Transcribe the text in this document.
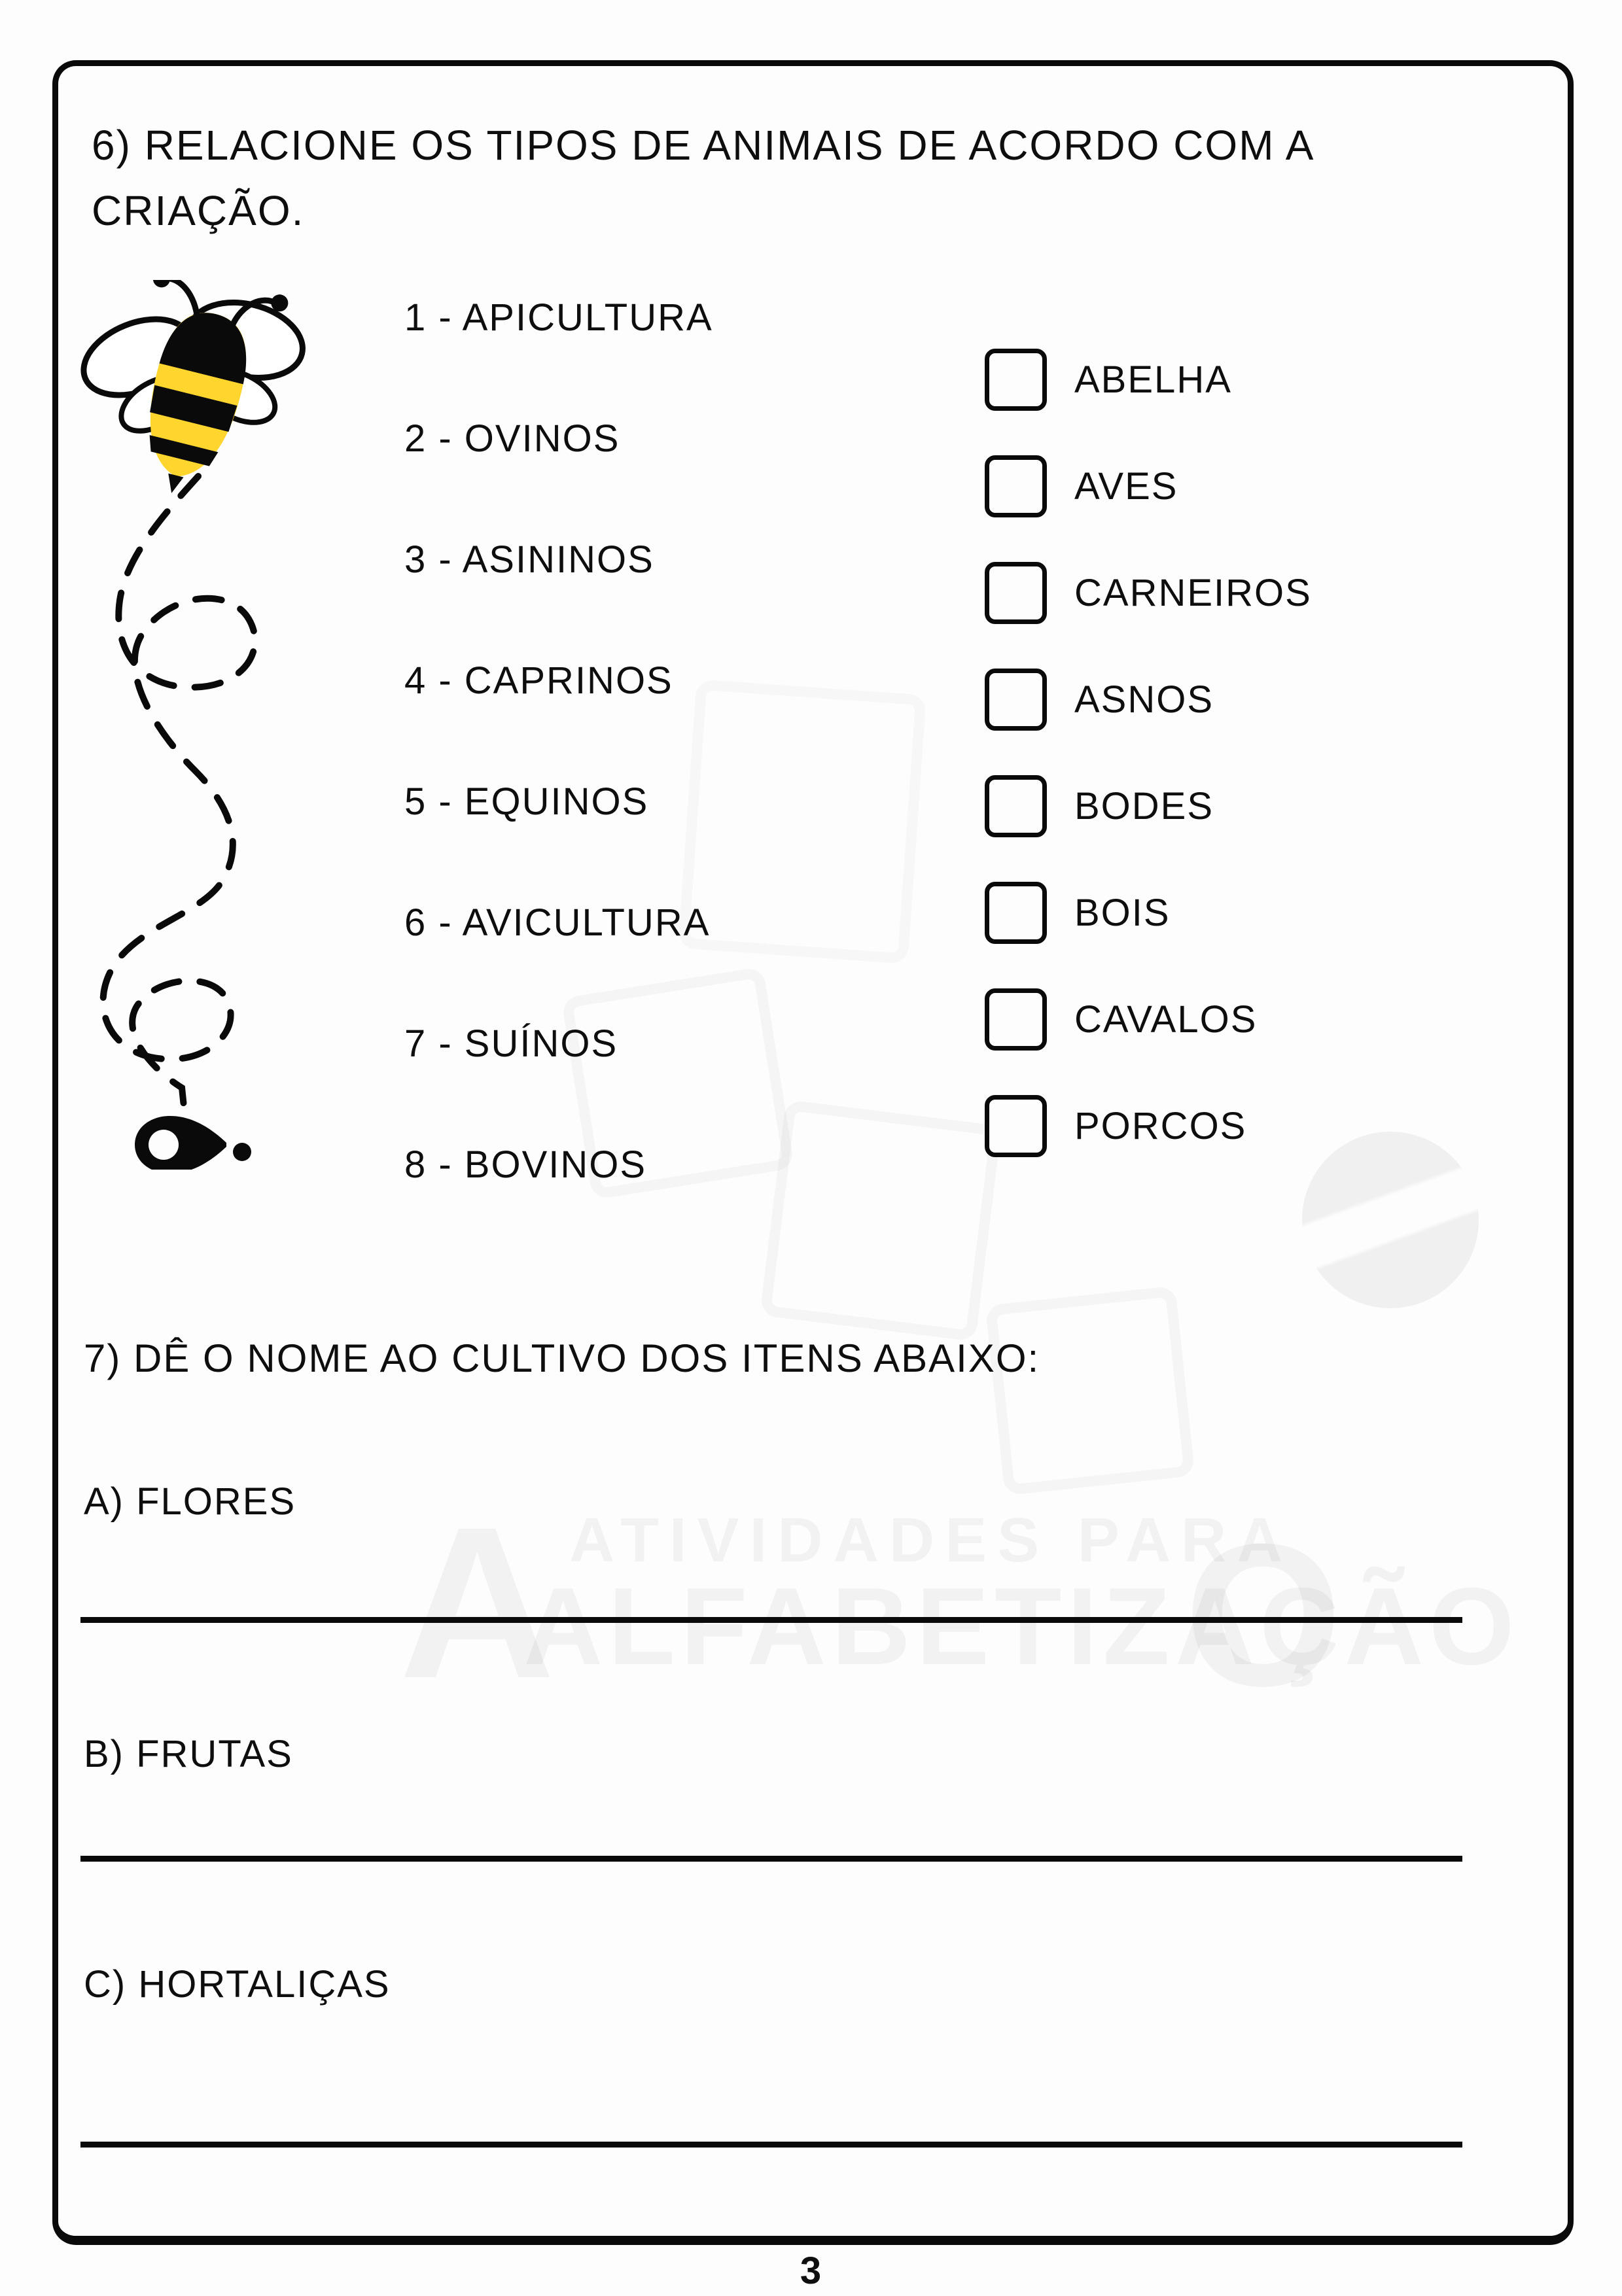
6) RELACIONE OS TIPOS DE ANIMAIS DE ACORDO COM A CRIAÇÃO.
1 - APICULTURA
2 - OVINOS
3 - ASININOS
4 - CAPRINOS
5 - EQUINOS
6 - AVICULTURA
7 - SUÍNOS
8 - BOVINOS
ABELHA
AVES
CARNEIROS
ASNOS
BODES
BOIS
CAVALOS
PORCOS
7) DÊ O NOME AO CULTIVO DOS ITENS ABAIXO:
A) FLORES
B) FRUTAS
C) HORTALIÇAS
3
